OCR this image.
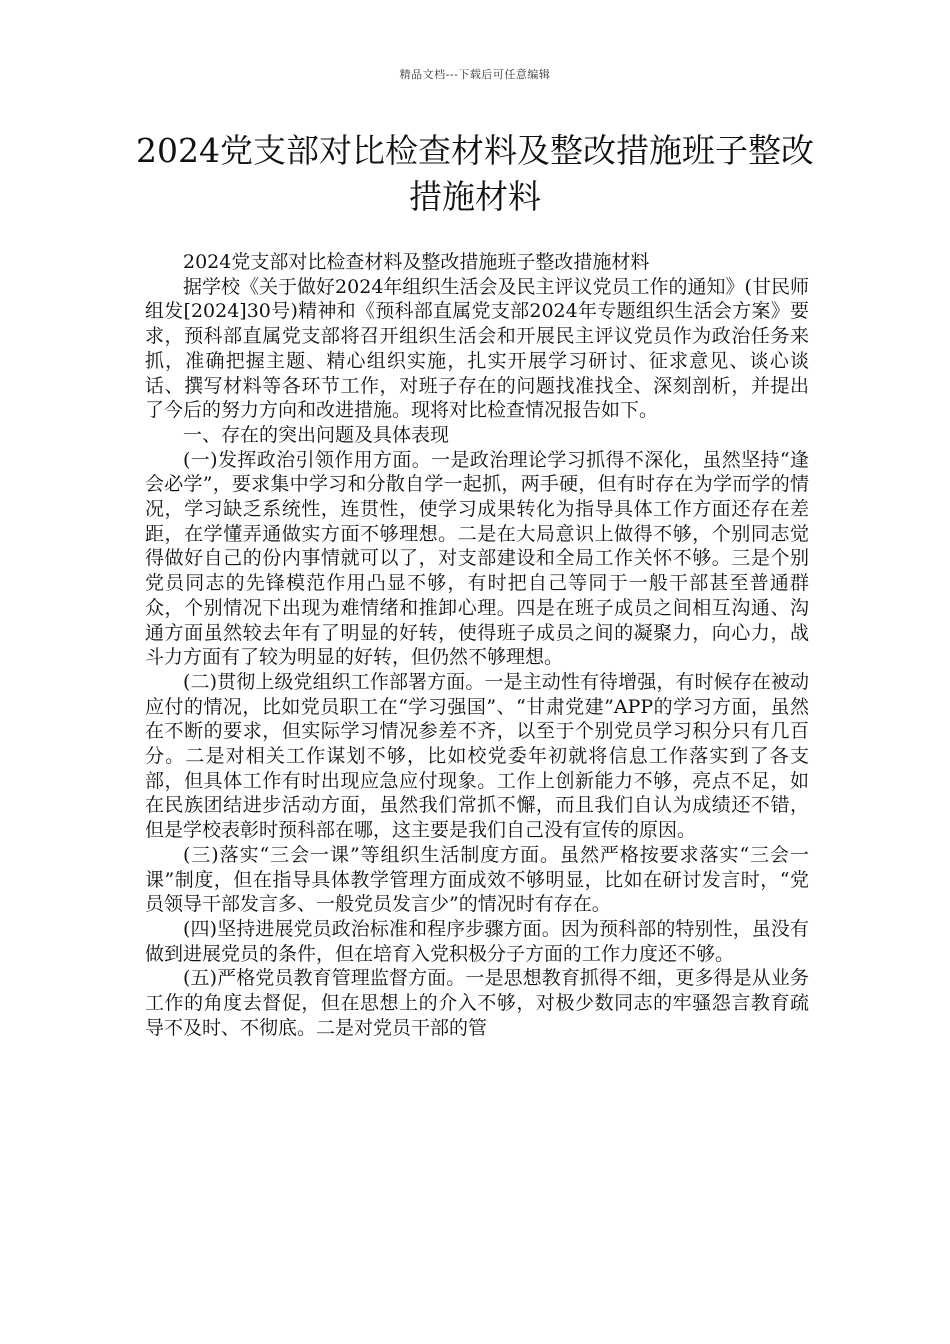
精品文档---下载后可任意编辑
2024党支部对比检查材料及整改措施班子整改措施材料

2024党支部对比检查材料及整改措施班子整改措施材料

据学校《关于做好2024年组织生活会及民主评议党员工作的通知》(甘民师组发[2024]30号)精神和《预科部直属党支部2024年专题组织生活会方案》要求，预科部直属党支部将召开组织生活会和开展民主评议党员作为政治任务来抓，准确把握主题、精心组织实施，扎实开展学习研讨、征求意见、谈心谈话、撰写材料等各环节工作，对班子存在的问题找准找全、深刻剖析，并提出了今后的努力方向和改进措施。现将对比检查情况报告如下。

一、存在的突出问题及具体表现

(一)发挥政治引领作用方面。一是政治理论学习抓得不深化，虽然坚持“逢会必学”，要求集中学习和分散自学一起抓，两手硬，但有时存在为学而学的情况，学习缺乏系统性，连贯性，使学习成果转化为指导具体工作方面还存在差距，在学懂弄通做实方面不够理想。二是在大局意识上做得不够，个别同志觉得做好自己的份内事情就可以了，对支部建设和全局工作关怀不够。三是个别党员同志的先锋模范作用凸显不够，有时把自己等同于一般干部甚至普通群众，个别情况下出现为难情绪和推卸心理。四是在班子成员之间相互沟通、沟通方面虽然较去年有了明显的好转，使得班子成员之间的凝聚力，向心力，战斗力方面有了较为明显的好转，但仍然不够理想。

(二)贯彻上级党组织工作部署方面。一是主动性有待增强，有时候存在被动应付的情况，比如党员职工在“学习强国”、“甘肃党建”APP的学习方面，虽然在不断的要求，但实际学习情况参差不齐，以至于个别党员学习积分只有几百分。二是对相关工作谋划不够，比如校党委年初就将信息工作落实到了各支部，但具体工作有时出现应急应付现象。工作上创新能力不够，亮点不足，如在民族团结进步活动方面，虽然我们常抓不懈，而且我们自认为成绩还不错，但是学校表彰时预科部在哪，这主要是我们自己没有宣传的原因。

(三)落实“三会一课”等组织生活制度方面。虽然严格按要求落实“三会一课”制度，但在指导具体教学管理方面成效不够明显，比如在研讨发言时，“党员领导干部发言多、一般党员发言少”的情况时有存在。

(四)坚持进展党员政治标准和程序步骤方面。因为预科部的特别性，虽没有做到进展党员的条件，但在培育入党积极分子方面的工作力度还不够。

(五)严格党员教育管理监督方面。一是思想教育抓得不细，更多得是从业务工作的角度去督促，但在思想上的介入不够，对极少数同志的牢骚怨言教育疏导不及时、不彻底。二是对党员干部的管
